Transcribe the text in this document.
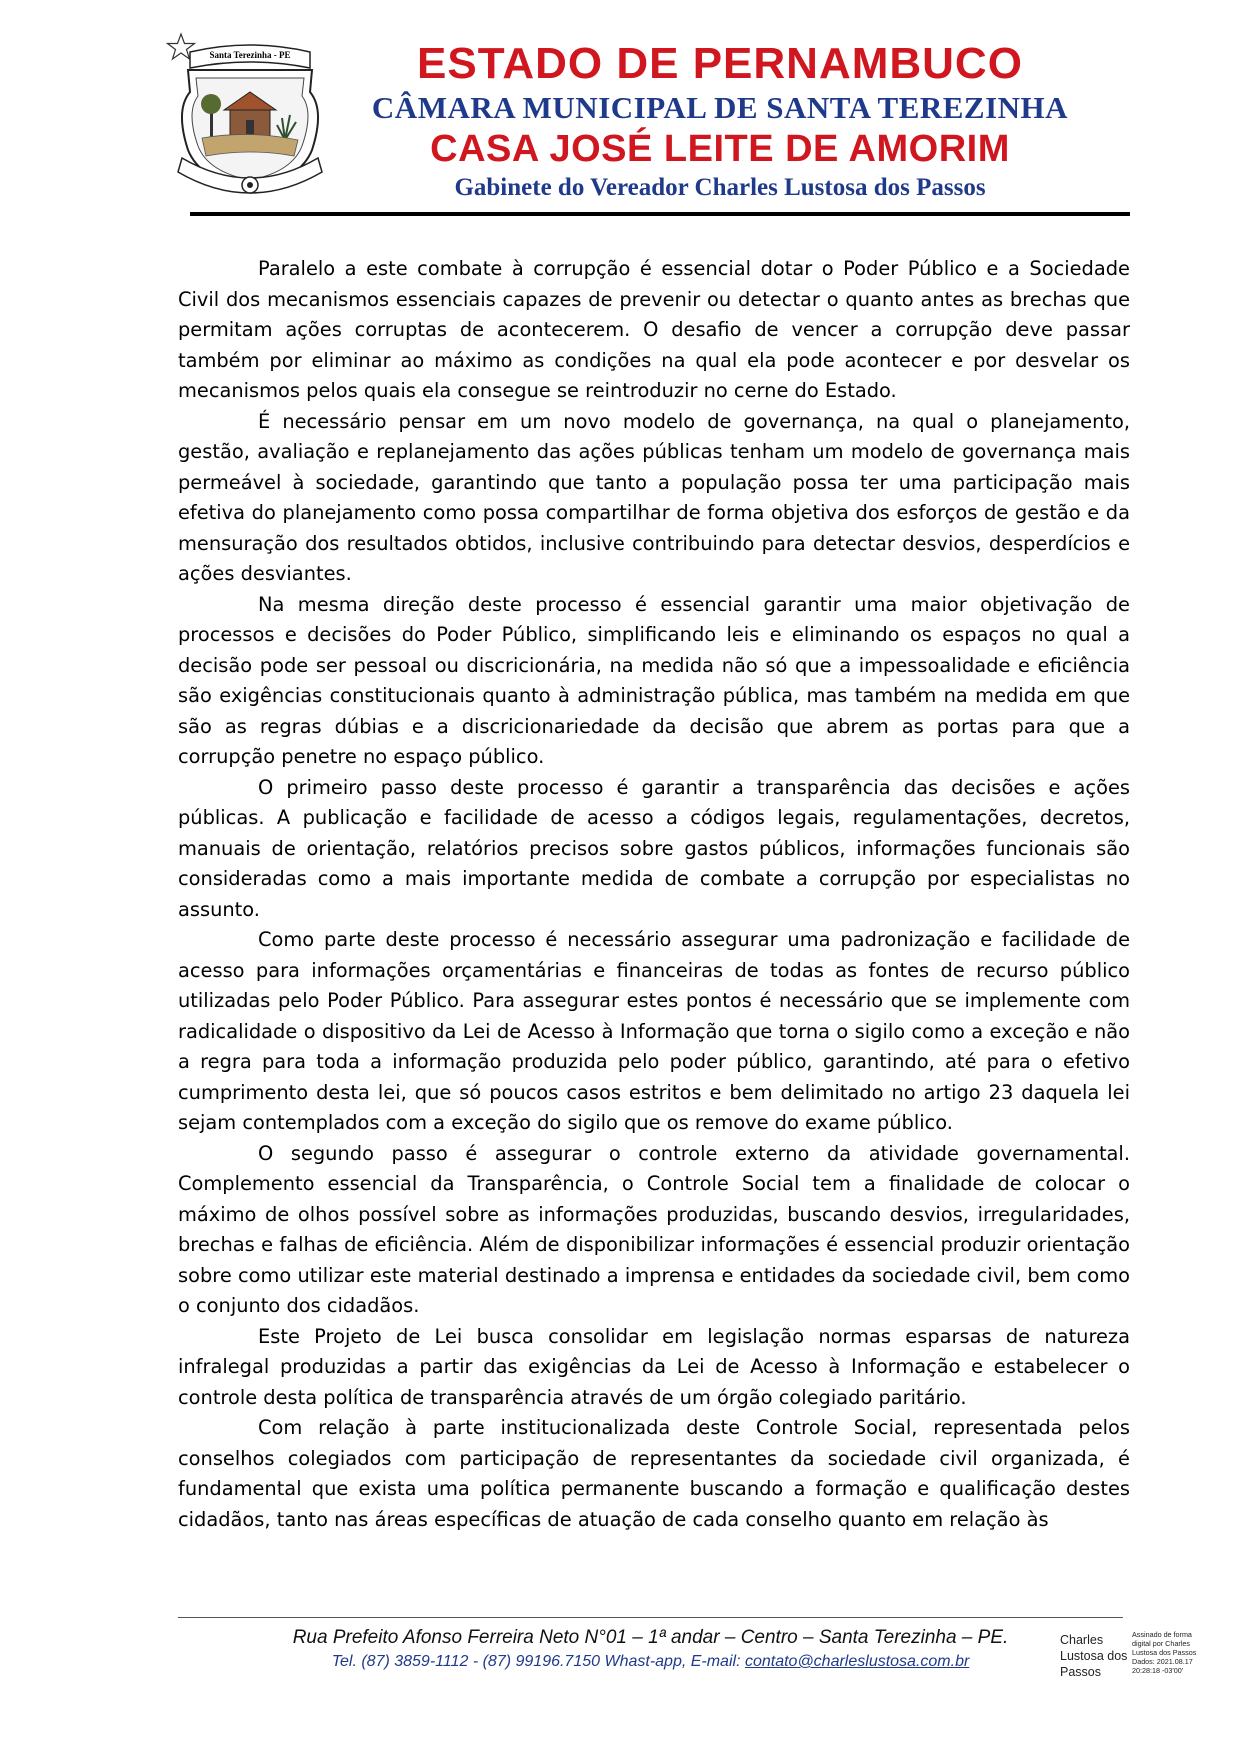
Santa Terezinha - PE	ESTADO DE PERNAMBUCO
CÂMARA MUNICIPAL DE SANTA TEREZINHA
CASA JOSÉ LEITE DE AMORIM
Gabinete do Vereador Charles Lustosa dos Passos

Paralelo a este combate à corrupção é essencial dotar o Poder Público e a Sociedade Civil dos mecanismos essenciais capazes de prevenir ou detectar o quanto antes as brechas que permitam ações corruptas de acontecerem. O desafio de vencer a corrupção deve passar também por eliminar ao máximo as condições na qual ela pode acontecer e por desvelar os mecanismos pelos quais ela consegue se reintroduzir no cerne do Estado.

É necessário pensar em um novo modelo de governança, na qual o planejamento, gestão, avaliação e replanejamento das ações públicas tenham um modelo de governança mais permeável à sociedade, garantindo que tanto a população possa ter uma participação mais efetiva do planejamento como possa compartilhar de forma objetiva dos esforços de gestão e da mensuração dos resultados obtidos, inclusive contribuindo para detectar desvios, desperdícios e ações desviantes.

Na mesma direção deste processo é essencial garantir uma maior objetivação de processos e decisões do Poder Público, simplificando leis e eliminando os espaços no qual a decisão pode ser pessoal ou discricionária, na medida não só que a impessoalidade e eficiência são exigências constitucionais quanto à administração pública, mas também na medida em que são as regras dúbias e a discricionariedade da decisão que abrem as portas para que a corrupção penetre no espaço público.

O primeiro passo deste processo é garantir a transparência das decisões e ações públicas. A publicação e facilidade de acesso a códigos legais, regulamentações, decretos, manuais de orientação, relatórios precisos sobre gastos públicos, informações funcionais são consideradas como a mais importante medida de combate a corrupção por especialistas no assunto.

Como parte deste processo é necessário assegurar uma padronização e facilidade de acesso para informações orçamentárias e financeiras de todas as fontes de recurso público utilizadas pelo Poder Público. Para assegurar estes pontos é necessário que se implemente com radicalidade o dispositivo da Lei de Acesso à Informação que torna o sigilo como a exceção e não a regra para toda a informação produzida pelo poder público, garantindo, até para o efetivo cumprimento desta lei, que só poucos casos estritos e bem delimitado no artigo 23 daquela lei sejam contemplados com a exceção do sigilo que os remove do exame público.

O segundo passo é assegurar o controle externo da atividade governamental. Complemento essencial da Transparência, o Controle Social tem a finalidade de colocar o máximo de olhos possível sobre as informações produzidas, buscando desvios, irregularidades, brechas e falhas de eficiência. Além de disponibilizar informações é essencial produzir orientação sobre como utilizar este material destinado a imprensa e entidades da sociedade civil, bem como o conjunto dos cidadãos.

Este Projeto de Lei busca consolidar em legislação normas esparsas de natureza infralegal produzidas a partir das exigências da Lei de Acesso à Informação e estabelecer o controle desta política de transparência através de um órgão colegiado paritário.

Com relação à parte institucionalizada deste Controle Social, representada pelos conselhos colegiados com participação de representantes da sociedade civil organizada, é fundamental que exista uma política permanente buscando a formação e qualificação destes cidadãos, tanto nas áreas específicas de atuação de cada conselho quanto em relação às

Rua Prefeito Afonso Ferreira Neto N°01 – 1ª andar – Centro – Santa Terezinha – PE.
Tel. (87) 3859-1112 - (87) 99196.7150 Whast-app, E-mail: contato@charleslustosa.com.br
Charles
Lustosa dos
Passos
Assinado de forma
digital por Charles
Lustosa dos Passos
Dados: 2021.08.17
20:28:18 -03'00'
